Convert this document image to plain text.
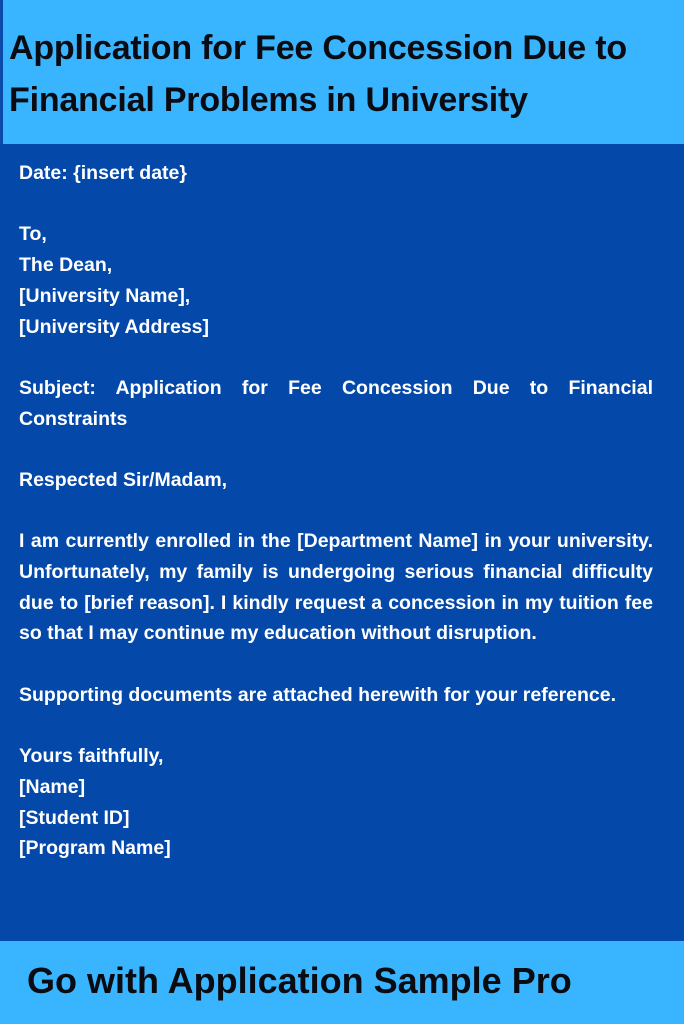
Application for Fee Concession Due to Financial Problems in University

Date: {insert date}

To,

The Dean,

[University Name],

[University Address]

Subject: Application for Fee Concession Due to Financial Constraints

Respected Sir/Madam,

I am currently enrolled in the [Department Name] in your university. Unfortunately, my family is undergoing serious financial difficulty due to [brief reason]. I kindly request a concession in my tuition fee so that I may continue my education without disruption.

Supporting documents are attached herewith for your reference.

Yours faithfully,

[Name]

[Student ID]

[Program Name]

Go with Application Sample Pro
